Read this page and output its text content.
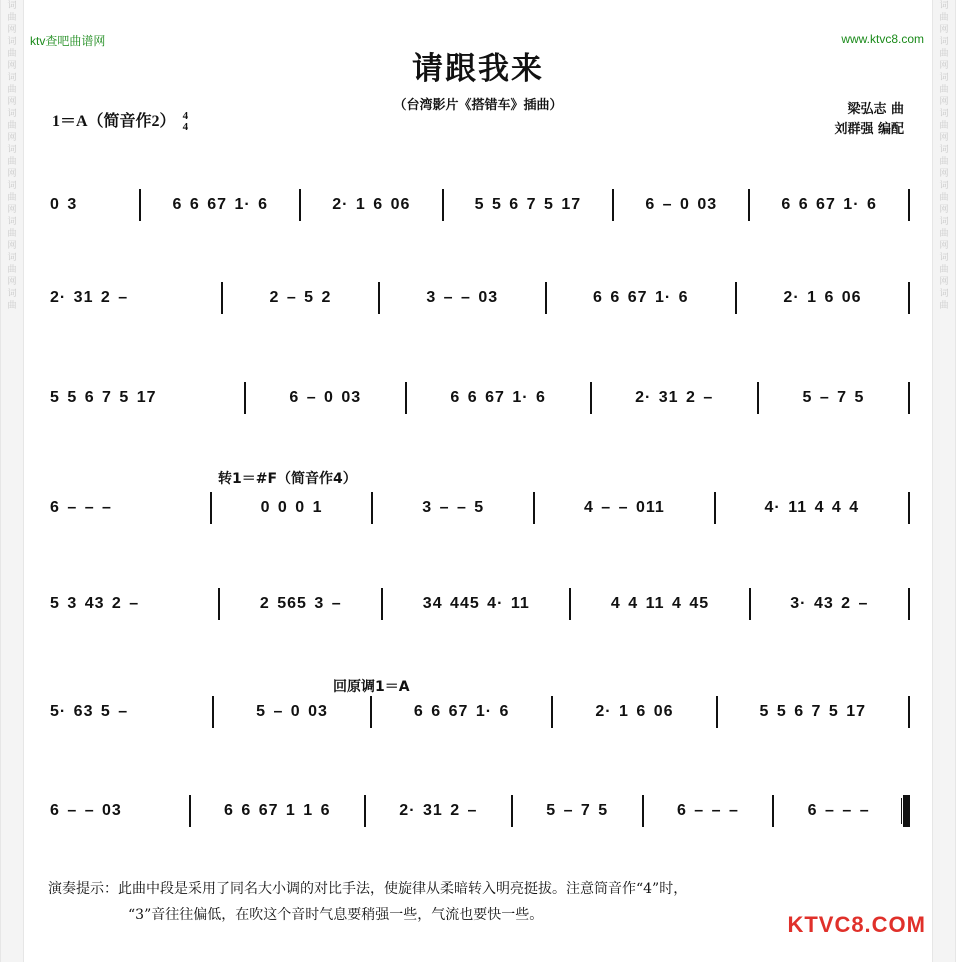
词
曲
网
词
曲
网
词
曲
网
词
曲
网
词
曲
网
词
曲
网
词
曲
网
词
曲
网
词
曲
词
曲
网
词
曲
网
词
曲
网
词
曲
网
词
曲
网
词
曲
网
词
曲
网
词
曲
网
词
曲
ktv查吧曲谱网	www.ktvc8.com
请跟我来
（台湾影片《搭错车》插曲）
1＝A（简音作2） 4
4
梁弘志 曲
刘群强 编配
0 3	6 6 67 1· 6	2· 1 6 06	5 5 6 7 5 17	6 – 0 03	6 6 67 1· 6
2· 31 2 –	2 – 5 2	3 – – 03	6 6 67 1· 6	2· 1 6 06
5 5 6 7 5 17	6 – 0 03	6 6 67 1· 6	2· 31 2 –	5 – 7 5
转1＝#F（简音作4）
6 – – –	0 0 0 1	3 – – 5	4 – – 011	4· 11 4 4 4
5 3 43 2 –	2 565 3 –	34 445 4· 11	4 4 11 4 45	3· 43 2 –
回原调1＝A
5· 63 5 –	5 – 0 03	6 6 67 1· 6	2· 1 6 06	5 5 6 7 5 17
6 – – 03	6 6 67 1 1 6	2· 31 2 –	5 – 7 5	6 – – –	6 – – –

演奏提示：此曲中段是采用了同名大小调的对比手法，使旋律从柔暗转入明亮挺拔。注意筒音作“4”时，

“3”音往往偏低，在吹这个音时气息要稍强一些，气流也要快一些。	KTVC8.COM
